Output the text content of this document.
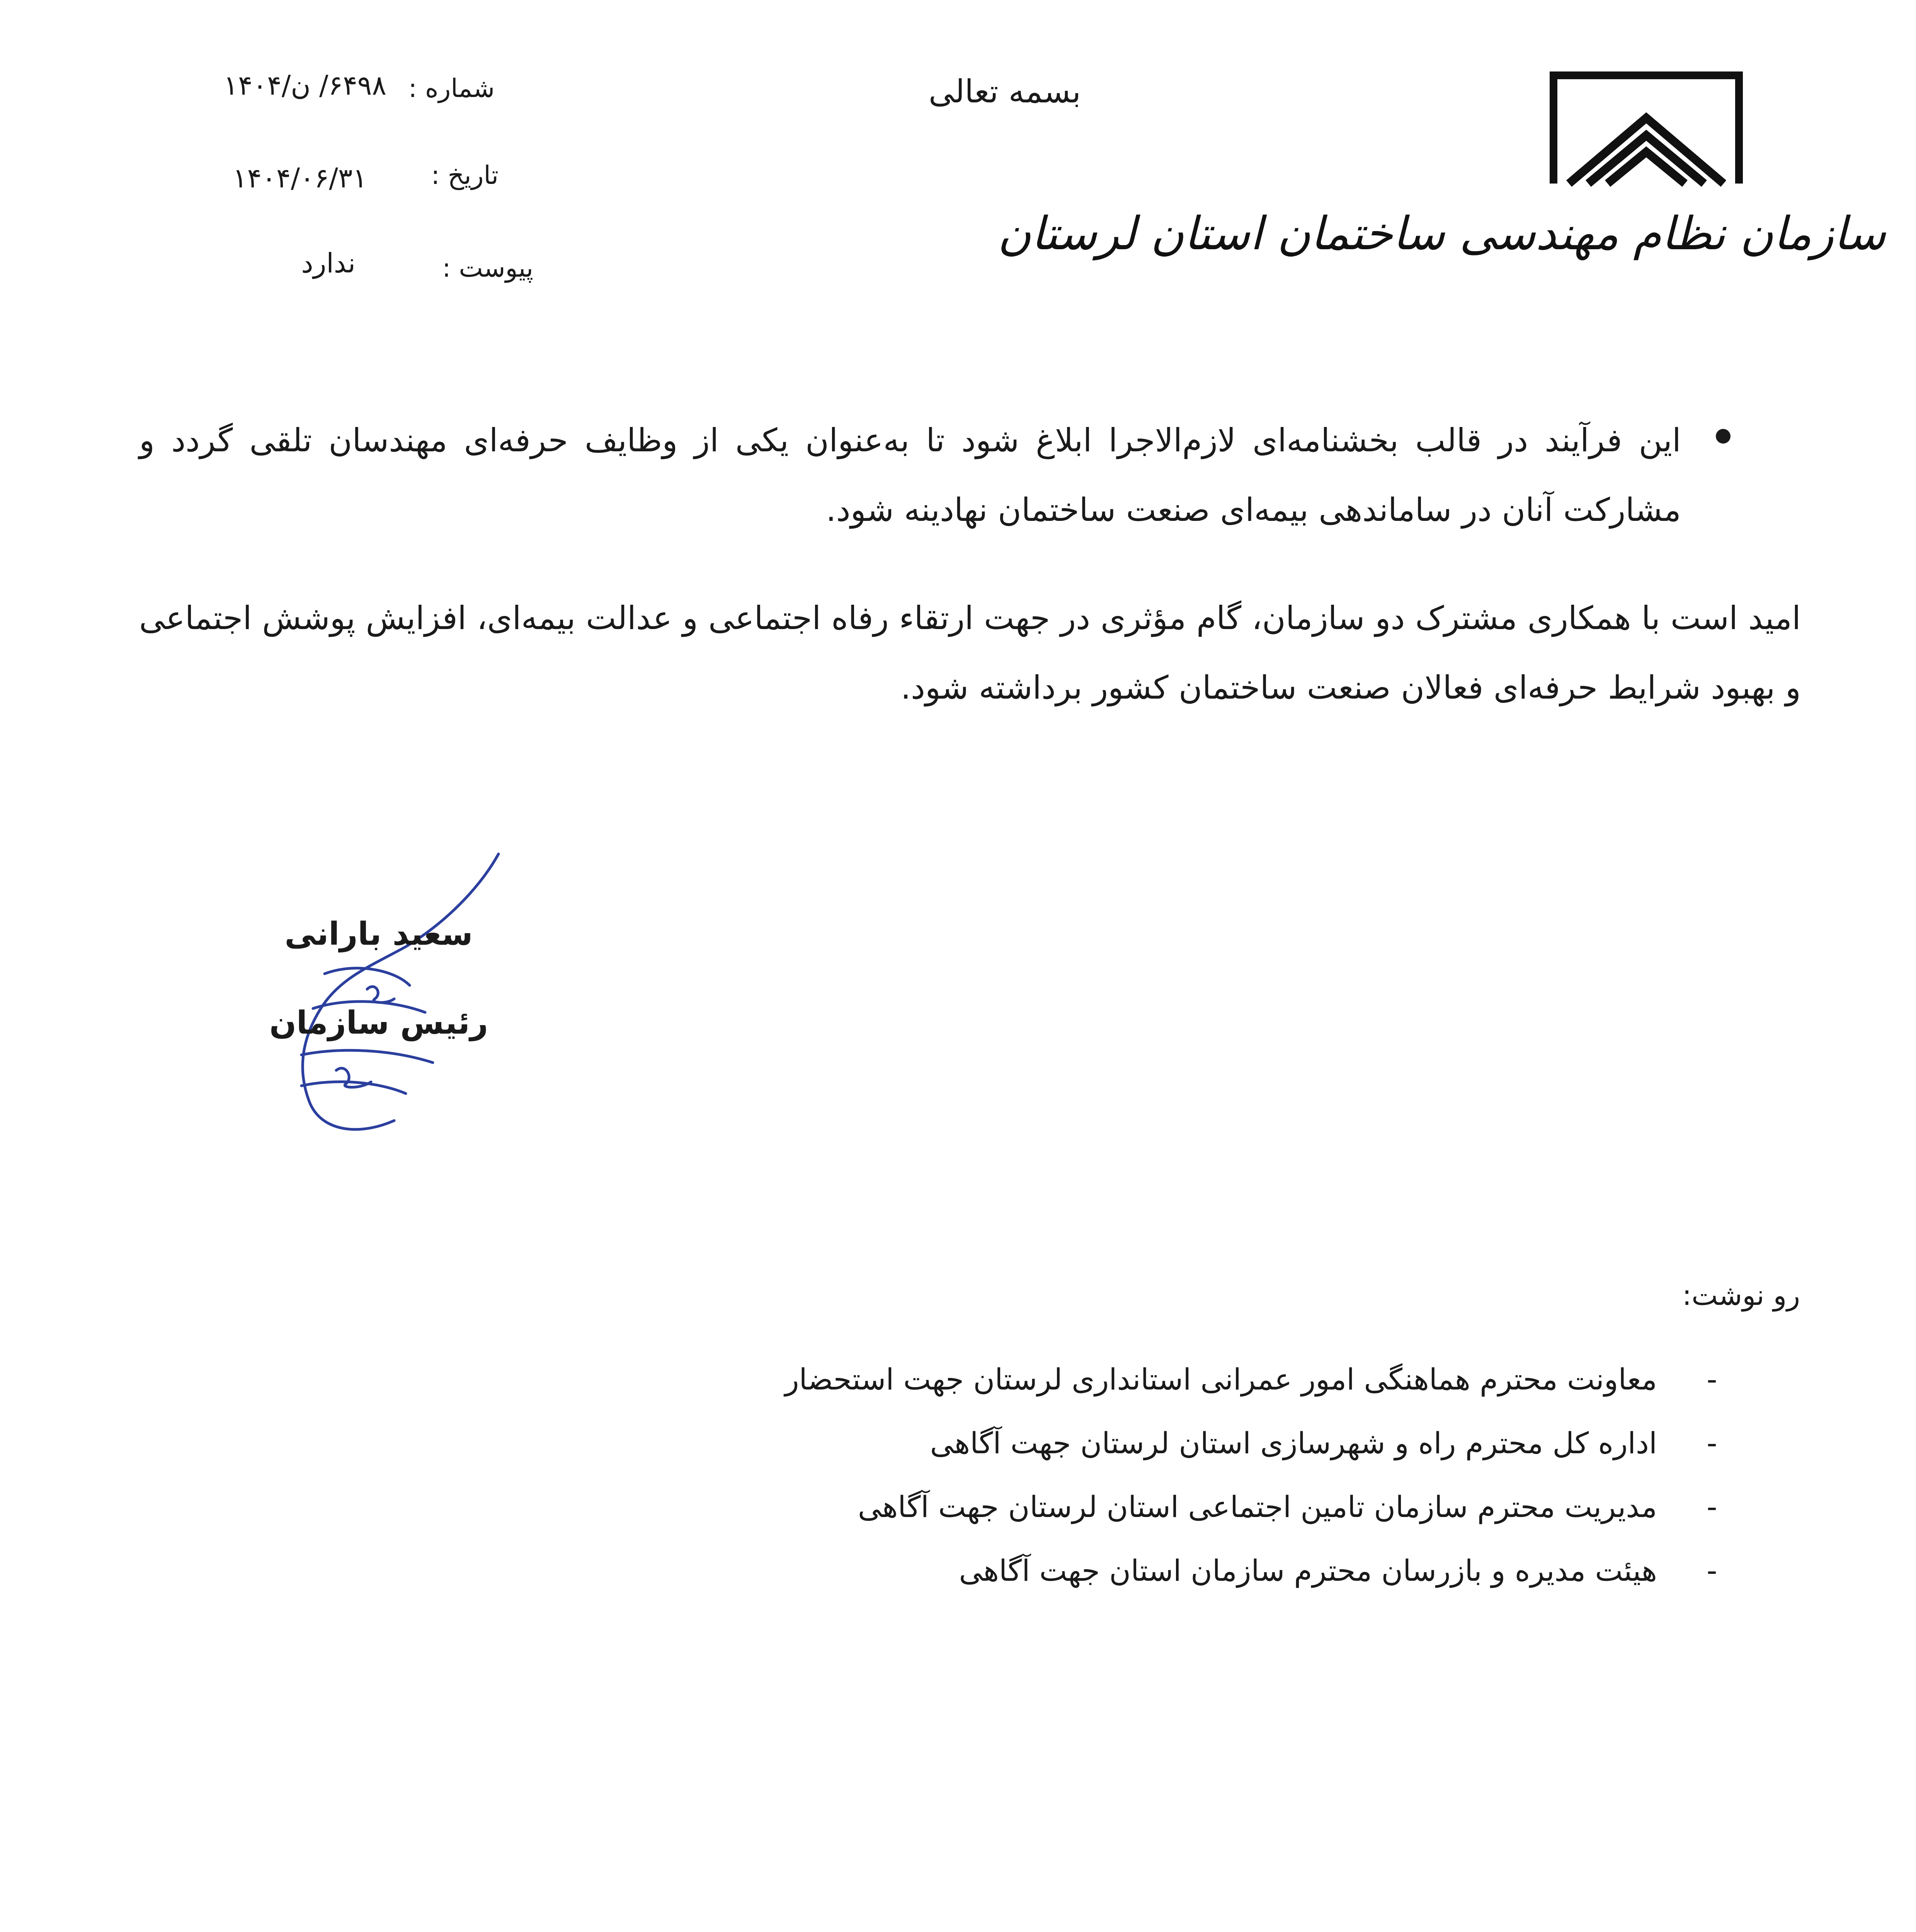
سازمان نظام مهندسی ساختمان استان لرستان
بسمه تعالی
شماره :
۶۴۹۸/ ن/۱۴۰۴
تاریخ :
۱۴۰۴/۰۶/۳۱
پیوست :
ندارد
این فرآیند در قالب بخشنامه‌ای لازم‌الاجرا ابلاغ شود تا به‌عنوان یکی از وظایف حرفه‌ای مهندسان تلقی گردد و مشارکت آنان در ساماندهی بیمه‌ای صنعت ساختمان نهادینه شود.
امید است با همکاری مشترک دو سازمان، گام مؤثری در جهت ارتقاء رفاه اجتماعی و عدالت بیمه‌ای، افزایش پوشش اجتماعی و بهبود شرایط حرفه‌ای فعالان صنعت ساختمان کشور برداشته شود.
سعید بارانی
رئیس سازمان
رو نوشت:
-
معاونت محترم هماهنگی امور عمرانی استانداری لرستان جهت استحضار
-
اداره کل محترم راه و شهرسازی استان لرستان جهت آگاهی
-
مدیریت محترم سازمان تامین اجتماعی استان لرستان جهت آگاهی
-
هیئت مدیره و بازرسان محترم سازمان استان جهت آگاهی
